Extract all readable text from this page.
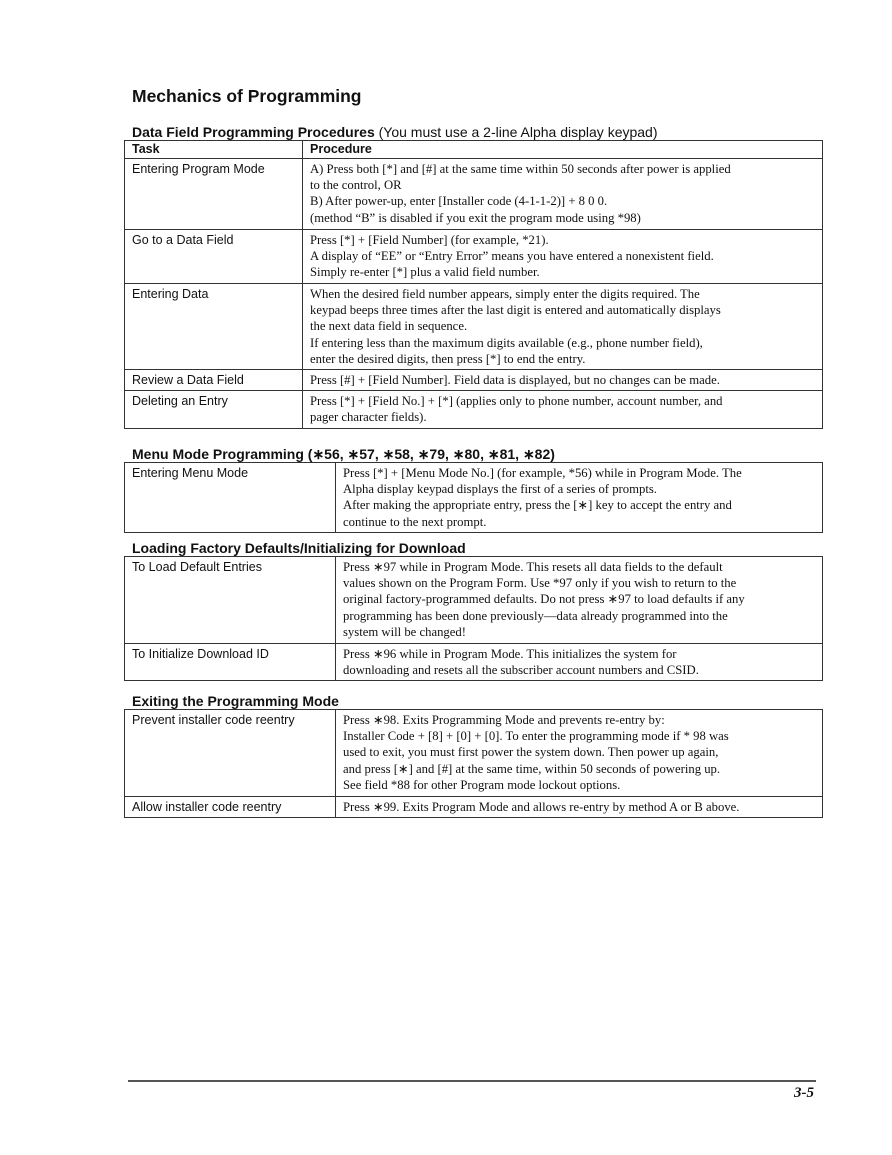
Mechanics of Programming
Data Field Programming Procedures (You must use a 2-line Alpha display keypad)
Task	Procedure
Entering Program Mode	A) Press both [*] and [#] at the same time within 50 seconds after power is applied
to the control, OR
B) After power-up, enter [Installer code (4-1-1-2)] + 8 0 0.
(method “B” is disabled if you exit the program mode using *98)

Go to a Data Field	Press [*] + [Field Number] (for example, *21).
A display of “EE” or “Entry Error” means you have entered a nonexistent field.
Simply re-enter [*] plus a valid field number.

Entering Data	When the desired field number appears, simply enter the digits required. The
keypad beeps three times after the last digit is entered and automatically displays
the next data field in sequence.
If entering less than the maximum digits available (e.g., phone number field),
enter the desired digits, then press [*] to end the entry.

Review a Data Field	Press [#] + [Field Number]. Field data is displayed, but no changes can be made.

Deleting an Entry	Press [*] + [Field No.] + [*] (applies only to phone number, account number, and
pager character fields).
Menu Mode Programming (∗56, ∗57, ∗58, ∗79, ∗80, ∗81, ∗82)
Entering Menu Mode	Press [*] + [Menu Mode No.] (for example, *56) while in Program Mode. The
Alpha display keypad displays the first of a series of prompts.
After making the appropriate entry, press the [∗] key to accept the entry and
continue to the next prompt.
Loading Factory Defaults/Initializing for Download
To Load Default Entries	Press ∗97 while in Program Mode. This resets all data fields to the default
values shown on the Program Form. Use *97 only if you wish to return to the
original factory-programmed defaults. Do not press ∗97 to load defaults if any
programming has been done previously—data already programmed into the
system will be changed!

To Initialize Download ID	Press ∗96 while in Program Mode. This initializes the system for
downloading and resets all the subscriber account numbers and CSID.
Exiting the Programming Mode
Prevent installer code reentry	Press ∗98. Exits Programming Mode and prevents re-entry by:
Installer Code + [8] + [0] + [0]. To enter the programming mode if * 98 was
used to exit, you must first power the system down. Then power up again,
and press [∗] and [#] at the same time, within 50 seconds of powering up.
See field *88 for other Program mode lockout options.

Allow installer code reentry	Press ∗99. Exits Program Mode and allows re-entry by method A or B above.
3-5
